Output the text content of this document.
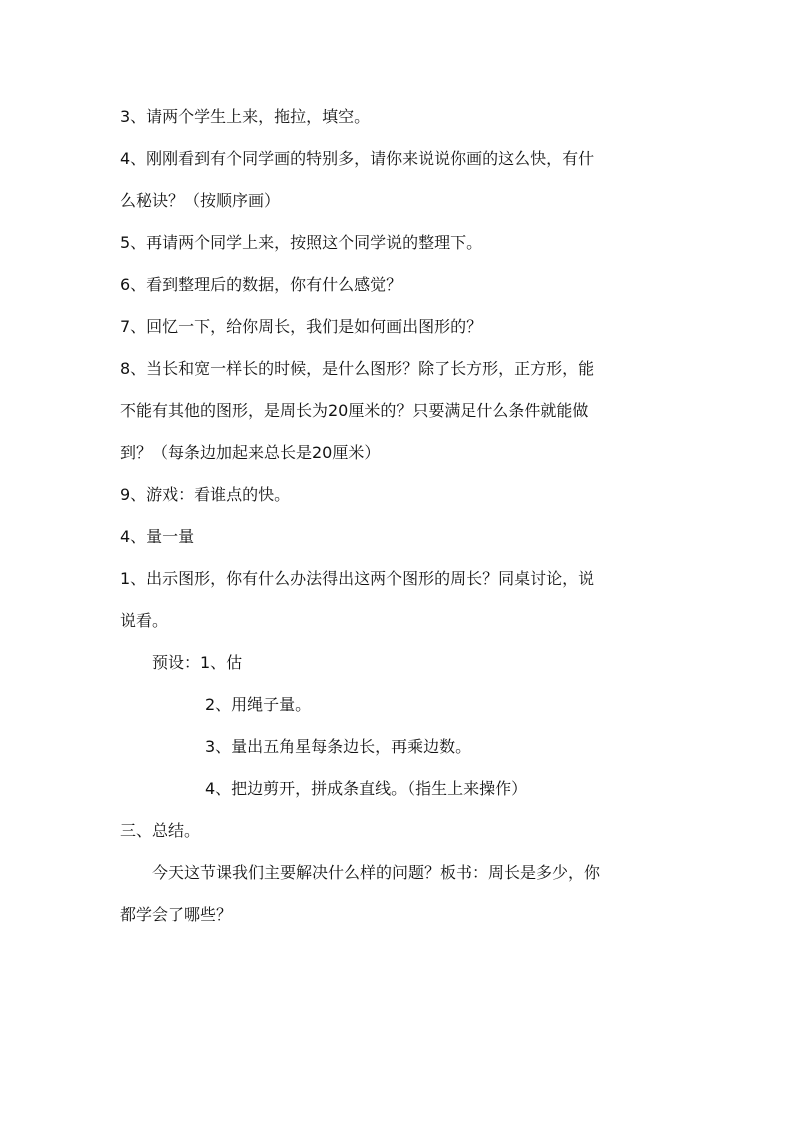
3、请两个学生上来，拖拉，填空。
4、刚刚看到有个同学画的特别多，请你来说说你画的这么快，有什
么秘诀？（按顺序画）
5、再请两个同学上来，按照这个同学说的整理下。
6、看到整理后的数据，你有什么感觉？
7、回忆一下，给你周长，我们是如何画出图形的？
8、当长和宽一样长的时候，是什么图形？除了长方形，正方形，能
不能有其他的图形，是周长为20厘米的？只要满足什么条件就能做
到？（每条边加起来总长是20厘米）
9、游戏：看谁点的快。
4、量一量
1、出示图形，你有什么办法得出这两个图形的周长？同桌讨论，说
说看。
预设：1、估
2、用绳子量。
3、量出五角星每条边长，再乘边数。
4、把边剪开，拼成条直线。（指生上来操作）
三、总结。
今天这节课我们主要解决什么样的问题？板书：周长是多少，你
都学会了哪些？
